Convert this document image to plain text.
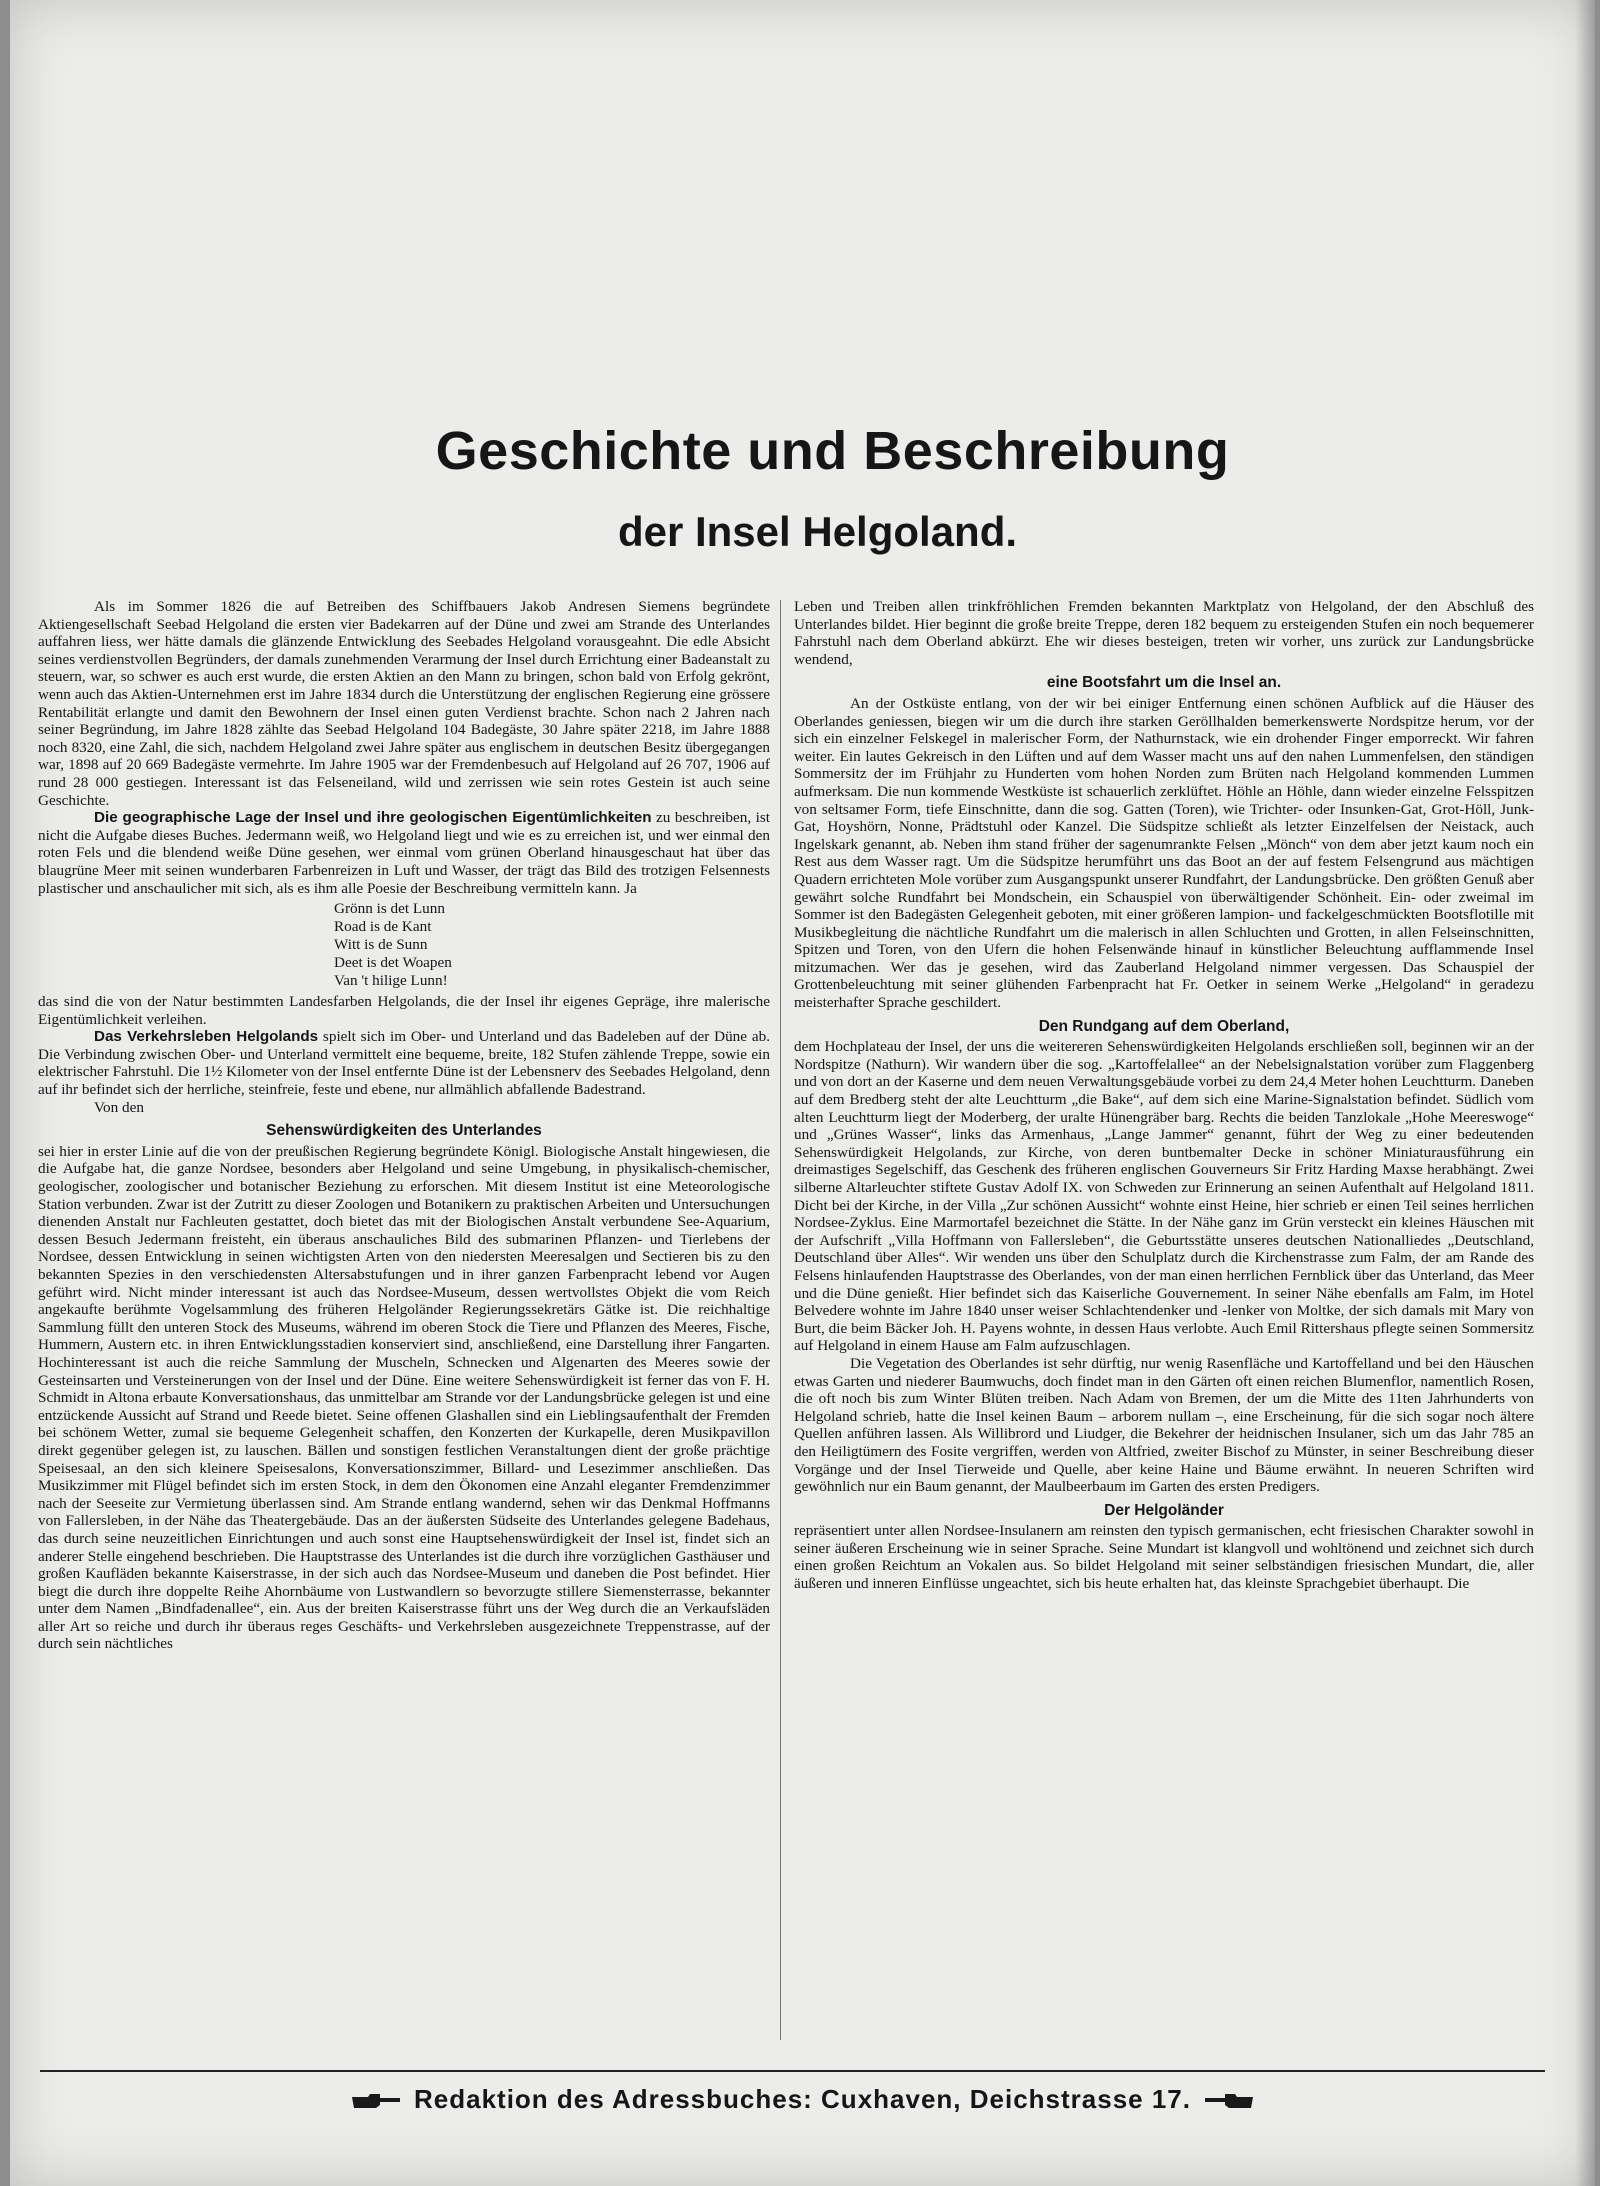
Geschichte und Beschreibung
der Insel Helgoland.

Als im Sommer 1826 die auf Betreiben des Schiffbauers Jakob Andresen Siemens begründete Aktiengesellschaft Seebad Helgoland die ersten vier Badekarren auf der Düne und zwei am Strande des Unterlandes auffahren liess, wer hätte damals die glänzende Entwicklung des Seebades Helgoland vorausgeahnt. Die edle Absicht seines verdienstvollen Begründers, der damals zunehmenden Verarmung der Insel durch Errichtung einer Badeanstalt zu steuern, war, so schwer es auch erst wurde, die ersten Aktien an den Mann zu bringen, schon bald von Erfolg gekrönt, wenn auch das Aktien-Unternehmen erst im Jahre 1834 durch die Unterstützung der englischen Regierung eine grössere Rentabilität erlangte und damit den Bewohnern der Insel einen guten Verdienst brachte. Schon nach 2 Jahren nach seiner Begründung, im Jahre 1828 zählte das Seebad Helgoland 104 Badegäste, 30 Jahre später 2218, im Jahre 1888 noch 8320, eine Zahl, die sich, nachdem Helgoland zwei Jahre später aus englischem in deutschen Besitz übergegangen war, 1898 auf 20 669 Badegäste vermehrte. Im Jahre 1905 war der Fremdenbesuch auf Helgoland auf 26 707, 1906 auf rund 28 000 gestiegen. Interessant ist das Felseneiland, wild und zerrissen wie sein rotes Gestein ist auch seine Geschichte.

Die geographische Lage der Insel und ihre geologischen Eigentümlichkeiten zu beschreiben, ist nicht die Aufgabe dieses Buches. Jedermann weiß, wo Helgoland liegt und wie es zu erreichen ist, und wer einmal den roten Fels und die blendend weiße Düne gesehen, wer einmal vom grünen Oberland hinausgeschaut hat über das blaugrüne Meer mit seinen wunderbaren Farbenreizen in Luft und Wasser, der trägt das Bild des trotzigen Felsennests plastischer und anschaulicher mit sich, als es ihm alle Poesie der Beschreibung vermitteln kann. Ja

Grönn is det Lunn
Road is de Kant
Witt is de Sunn
Deet is det Woapen
Van 't hilige Lunn!

das sind die von der Natur bestimmten Landesfarben Helgolands, die der Insel ihr eigenes Gepräge, ihre malerische Eigentümlichkeit verleihen.

Das Verkehrsleben Helgolands spielt sich im Ober- und Unterland und das Badeleben auf der Düne ab. Die Verbindung zwischen Ober- und Unterland vermittelt eine bequeme, breite, 182 Stufen zählende Treppe, sowie ein elektrischer Fahrstuhl. Die 1½ Kilometer von der Insel entfernte Düne ist der Lebensnerv des Seebades Helgoland, denn auf ihr befindet sich der herrliche, steinfreie, feste und ebene, nur allmählich abfallende Badestrand.

Von den

Sehenswürdigkeiten des Unterlandes

sei hier in erster Linie auf die von der preußischen Regierung begründete Königl. Biologische Anstalt hingewiesen, die die Aufgabe hat, die ganze Nordsee, besonders aber Helgoland und seine Umgebung, in physikalisch-chemischer, geologischer, zoologischer und botanischer Beziehung zu erforschen. Mit diesem Institut ist eine Meteorologische Station verbunden. Zwar ist der Zutritt zu dieser Zoologen und Botanikern zu praktischen Arbeiten und Untersuchungen dienenden Anstalt nur Fachleuten gestattet, doch bietet das mit der Biologischen Anstalt verbundene See-Aquarium, dessen Besuch Jedermann freisteht, ein überaus anschauliches Bild des submarinen Pflanzen- und Tierlebens der Nordsee, dessen Entwicklung in seinen wichtigsten Arten von den niedersten Meeresalgen und Sectieren bis zu den bekannten Spezies in den verschiedensten Altersabstufungen und in ihrer ganzen Farbenpracht lebend vor Augen geführt wird. Nicht minder interessant ist auch das Nordsee-Museum, dessen wertvollstes Objekt die vom Reich angekaufte berühmte Vogelsammlung des früheren Helgoländer Regierungssekretärs Gätke ist. Die reichhaltige Sammlung füllt den unteren Stock des Museums, während im oberen Stock die Tiere und Pflanzen des Meeres, Fische, Hummern, Austern etc. in ihren Entwicklungsstadien konserviert sind, anschließend, eine Darstellung ihrer Fangarten. Hochinteressant ist auch die reiche Sammlung der Muscheln, Schnecken und Algenarten des Meeres sowie der Gesteinsarten und Versteinerungen von der Insel und der Düne. Eine weitere Sehenswürdigkeit ist ferner das von F. H. Schmidt in Altona erbaute Konversationshaus, das unmittelbar am Strande vor der Landungsbrücke gelegen ist und eine entzückende Aussicht auf Strand und Reede bietet. Seine offenen Glashallen sind ein Lieblingsaufenthalt der Fremden bei schönem Wetter, zumal sie bequeme Gelegenheit schaffen, den Konzerten der Kurkapelle, deren Musikpavillon direkt gegenüber gelegen ist, zu lauschen. Bällen und sonstigen festlichen Veranstaltungen dient der große prächtige Speisesaal, an den sich kleinere Speisesalons, Konversationszimmer, Billard- und Lesezimmer anschließen. Das Musikzimmer mit Flügel befindet sich im ersten Stock, in dem den Ökonomen eine Anzahl eleganter Fremdenzimmer nach der Seeseite zur Vermietung überlassen sind. Am Strande entlang wandernd, sehen wir das Denkmal Hoffmanns von Fallersleben, in der Nähe das Theatergebäude. Das an der äußersten Südseite des Unterlandes gelegene Badehaus, das durch seine neuzeitlichen Einrichtungen und auch sonst eine Hauptsehenswürdigkeit der Insel ist, findet sich an anderer Stelle eingehend beschrieben. Die Hauptstrasse des Unterlandes ist die durch ihre vorzüglichen Gasthäuser und großen Kaufläden bekannte Kaiserstrasse, in der sich auch das Nordsee-Museum und daneben die Post befindet. Hier biegt die durch ihre doppelte Reihe Ahornbäume von Lustwandlern so bevorzugte stillere Siemensterrasse, bekannter unter dem Namen „Bindfadenallee“, ein. Aus der breiten Kaiserstrasse führt uns der Weg durch die an Verkaufsläden aller Art so reiche und durch ihr überaus reges Geschäfts- und Verkehrsleben ausgezeichnete Treppenstrasse, auf der durch sein nächtliches

Leben und Treiben allen trinkfröhlichen Fremden bekannten Marktplatz von Helgoland, der den Abschluß des Unterlandes bildet. Hier beginnt die große breite Treppe, deren 182 bequem zu ersteigenden Stufen ein noch bequemerer Fahrstuhl nach dem Oberland abkürzt. Ehe wir dieses besteigen, treten wir vorher, uns zurück zur Landungsbrücke wendend,

eine Bootsfahrt um die Insel an.

An der Ostküste entlang, von der wir bei einiger Entfernung einen schönen Aufblick auf die Häuser des Oberlandes geniessen, biegen wir um die durch ihre starken Geröllhalden bemerkenswerte Nordspitze herum, vor der sich ein einzelner Felskegel in malerischer Form, der Nathurnstack, wie ein drohender Finger emporreckt. Wir fahren weiter. Ein lautes Gekreisch in den Lüften und auf dem Wasser macht uns auf den nahen Lummenfelsen, den ständigen Sommersitz der im Frühjahr zu Hunderten vom hohen Norden zum Brüten nach Helgoland kommenden Lummen aufmerksam. Die nun kommende Westküste ist schauerlich zerklüftet. Höhle an Höhle, dann wieder einzelne Felsspitzen von seltsamer Form, tiefe Einschnitte, dann die sog. Gatten (Toren), wie Trichter- oder Insunken-Gat, Grot-Höll, Junk-Gat, Hoyshörn, Nonne, Prädtstuhl oder Kanzel. Die Südspitze schließt als letzter Einzelfelsen der Neistack, auch Ingelskark genannt, ab. Neben ihm stand früher der sagenumrankte Felsen „Mönch“ von dem aber jetzt kaum noch ein Rest aus dem Wasser ragt. Um die Südspitze herumführt uns das Boot an der auf festem Felsengrund aus mächtigen Quadern errichteten Mole vorüber zum Ausgangspunkt unserer Rundfahrt, der Landungsbrücke. Den größten Genuß aber gewährt solche Rundfahrt bei Mondschein, ein Schauspiel von überwältigender Schönheit. Ein- oder zweimal im Sommer ist den Badegästen Gelegenheit geboten, mit einer größeren lampion- und fackelgeschmückten Bootsflotille mit Musikbegleitung die nächtliche Rundfahrt um die malerisch in allen Schluchten und Grotten, in allen Felseinschnitten, Spitzen und Toren, von den Ufern die hohen Felsenwände hinauf in künstlicher Beleuchtung aufflammende Insel mitzumachen. Wer das je gesehen, wird das Zauberland Helgoland nimmer vergessen. Das Schauspiel der Grottenbeleuchtung mit seiner glühenden Farbenpracht hat Fr. Oetker in seinem Werke „Helgoland“ in geradezu meisterhafter Sprache geschildert.

Den Rundgang auf dem Oberland,

dem Hochplateau der Insel, der uns die weitereren Sehenswürdigkeiten Helgolands erschließen soll, beginnen wir an der Nordspitze (Nathurn). Wir wandern über die sog. „Kartoffelallee“ an der Nebelsignalstation vorüber zum Flaggenberg und von dort an der Kaserne und dem neuen Verwaltungsgebäude vorbei zu dem 24,4 Meter hohen Leuchtturm. Daneben auf dem Bredberg steht der alte Leuchtturm „die Bake“, auf dem sich eine Marine-Signalstation befindet. Südlich vom alten Leuchtturm liegt der Moderberg, der uralte Hünengräber barg. Rechts die beiden Tanzlokale „Hohe Meereswoge“ und „Grünes Wasser“, links das Armenhaus, „Lange Jammer“ genannt, führt der Weg zu einer bedeutenden Sehenswürdigkeit Helgolands, zur Kirche, von deren buntbemalter Decke in schöner Miniaturausführung ein dreimastiges Segelschiff, das Geschenk des früheren englischen Gouverneurs Sir Fritz Harding Maxse herabhängt. Zwei silberne Altarleuchter stiftete Gustav Adolf IX. von Schweden zur Erinnerung an seinen Aufenthalt auf Helgoland 1811. Dicht bei der Kirche, in der Villa „Zur schönen Aussicht“ wohnte einst Heine, hier schrieb er einen Teil seines herrlichen Nordsee-Zyklus. Eine Marmortafel bezeichnet die Stätte. In der Nähe ganz im Grün versteckt ein kleines Häuschen mit der Aufschrift „Villa Hoffmann von Fallersleben“, die Geburtsstätte unseres deutschen Nationalliedes „Deutschland, Deutschland über Alles“. Wir wenden uns über den Schulplatz durch die Kirchenstrasse zum Falm, der am Rande des Felsens hinlaufenden Hauptstrasse des Oberlandes, von der man einen herrlichen Fernblick über das Unterland, das Meer und die Düne genießt. Hier befindet sich das Kaiserliche Gouvernement. In seiner Nähe ebenfalls am Falm, im Hotel Belvedere wohnte im Jahre 1840 unser weiser Schlachtendenker und -lenker von Moltke, der sich damals mit Mary von Burt, die beim Bäcker Joh. H. Payens wohnte, in dessen Haus verlobte. Auch Emil Rittershaus pflegte seinen Sommersitz auf Helgoland in einem Hause am Falm aufzuschlagen.

Die Vegetation des Oberlandes ist sehr dürftig, nur wenig Rasenfläche und Kartoffelland und bei den Häuschen etwas Garten und niederer Baumwuchs, doch findet man in den Gärten oft einen reichen Blumenflor, namentlich Rosen, die oft noch bis zum Winter Blüten treiben. Nach Adam von Bremen, der um die Mitte des 11ten Jahrhunderts von Helgoland schrieb, hatte die Insel keinen Baum – arborem nullam –, eine Erscheinung, für die sich sogar noch ältere Quellen anführen lassen. Als Willibrord und Liudger, die Bekehrer der heidnischen Insulaner, sich um das Jahr 785 an den Heiligtümern des Fosite vergriffen, werden von Altfried, zweiter Bischof zu Münster, in seiner Beschreibung dieser Vorgänge und der Insel Tierweide und Quelle, aber keine Haine und Bäume erwähnt. In neueren Schriften wird gewöhnlich nur ein Baum genannt, der Maulbeerbaum im Garten des ersten Predigers.

Der Helgoländer

repräsentiert unter allen Nordsee-Insulanern am reinsten den typisch germanischen, echt friesischen Charakter sowohl in seiner äußeren Erscheinung wie in seiner Sprache. Seine Mundart ist klangvoll und wohltönend und zeichnet sich durch einen großen Reichtum an Vokalen aus. So bildet Helgoland mit seiner selbständigen friesischen Mundart, die, aller äußeren und inneren Einflüsse ungeachtet, sich bis heute erhalten hat, das kleinste Sprachgebiet überhaupt. Die

Redaktion des Adressbuches: Cuxhaven, Deichstrasse 17.
